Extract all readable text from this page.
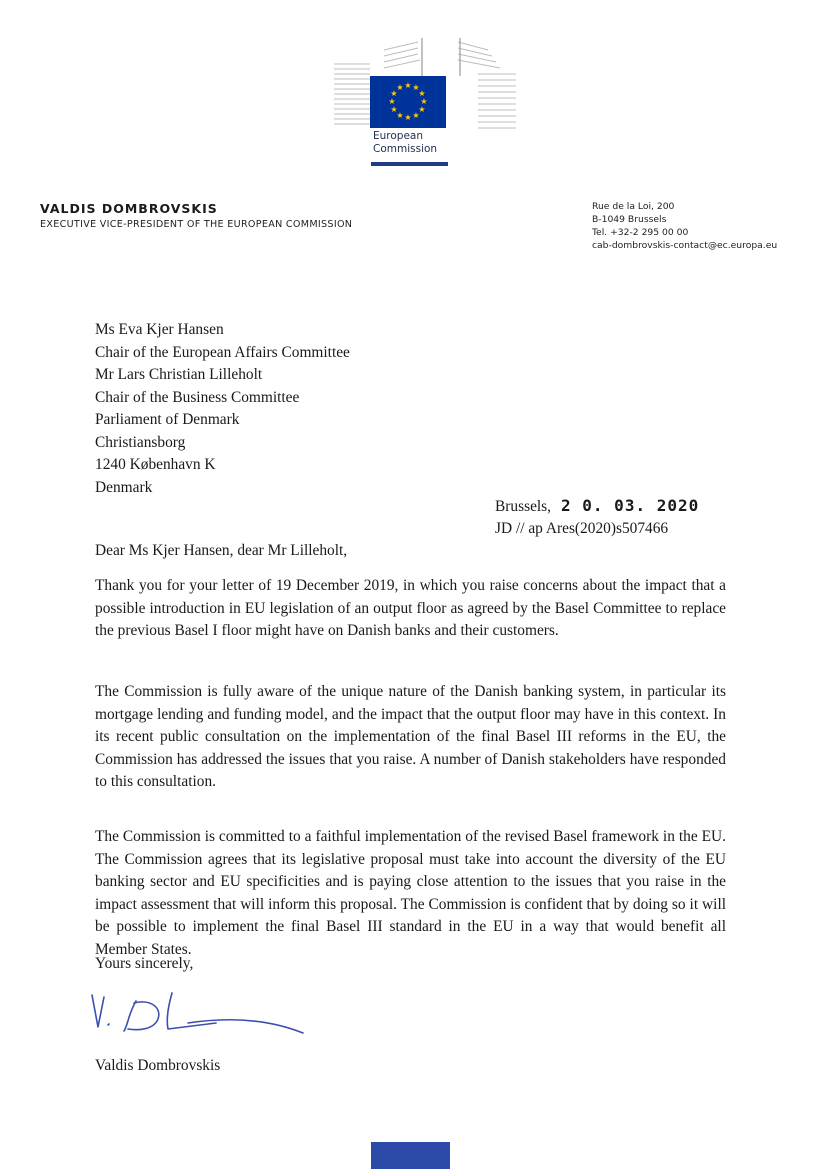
★ ★
★
★
★
★
★
★
★
★
★
★
European
Commission
VALDIS DOMBROVSKIS
EXECUTIVE VICE-PRESIDENT OF THE EUROPEAN COMMISSION
Rue de la Loi, 200
B-1049 Brussels
Tel. +32-2 295 00 00
cab-dombrovskis-contact@ec.europa.eu
Ms Eva Kjer Hansen
Chair of the European Affairs Committee
Mr Lars Christian Lilleholt
Chair of the Business Committee
Parliament of Denmark
Christiansborg
1240 København K
Denmark
Brussels, 2 0. 03. 2020
JD // ap Ares(2020)s507466
Dear Ms Kjer Hansen, dear Mr Lilleholt,
Thank you for your letter of 19 December 2019, in which you raise concerns about the impact that a possible introduction in EU legislation of an output floor as agreed by the Basel Committee to replace the previous Basel I floor might have on Danish banks and their customers.
The Commission is fully aware of the unique nature of the Danish banking system, in particular its mortgage lending and funding model, and the impact that the output floor may have in this context. In its recent public consultation on the implementation of the final Basel III reforms in the EU, the Commission has addressed the issues that you raise. A number of Danish stakeholders have responded to this consultation.
The Commission is committed to a faithful implementation of the revised Basel framework in the EU. The Commission agrees that its legislative proposal must take into account the diversity of the EU banking sector and EU specificities and is paying close attention to the issues that you raise in the impact assessment that will inform this proposal. The Commission is confident that by doing so it will be possible to implement the final Basel III standard in the EU in a way that would benefit all Member States.
Yours sincerely,
Valdis Dombrovskis
